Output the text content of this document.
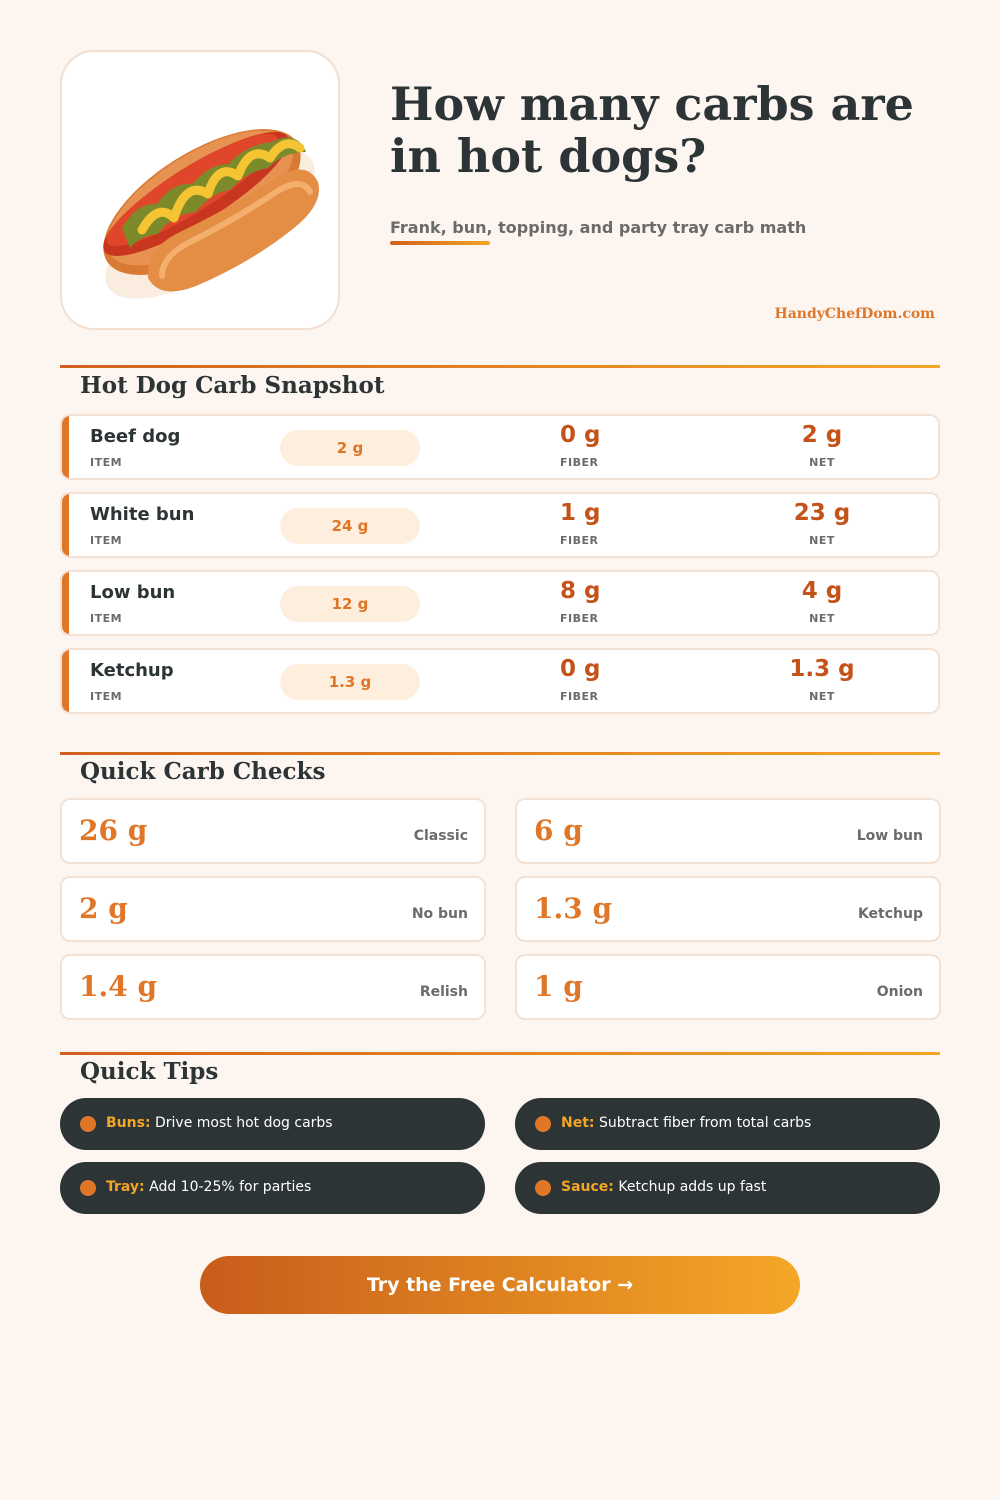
How many carbs are in hot dogs?
Frank, bun, topping, and party tray carb math
HandyChefDom.com
Hot Dog Carb Snapshot
Beef dog
ITEM
2 g	0 g
FIBER
2 g
NET
White bun
ITEM
24 g	1 g
FIBER
23 g
NET
Low bun
ITEM
12 g	8 g
FIBER
4 g
NET
Ketchup
ITEM
1.3 g	0 g
FIBER
1.3 g
NET
Quick Carb Checks
26 g	Classic 6 g	Low bun
2 g	No bun 1.3 g	Ketchup
1.4 g	Relish 1 g	Onion
Quick Tips
Buns: Drive most hot dog carbs	Net: Subtract fiber from total carbs
Tray: Add 10-25% for parties	Sauce: Ketchup adds up fast
Try the Free Calculator →
